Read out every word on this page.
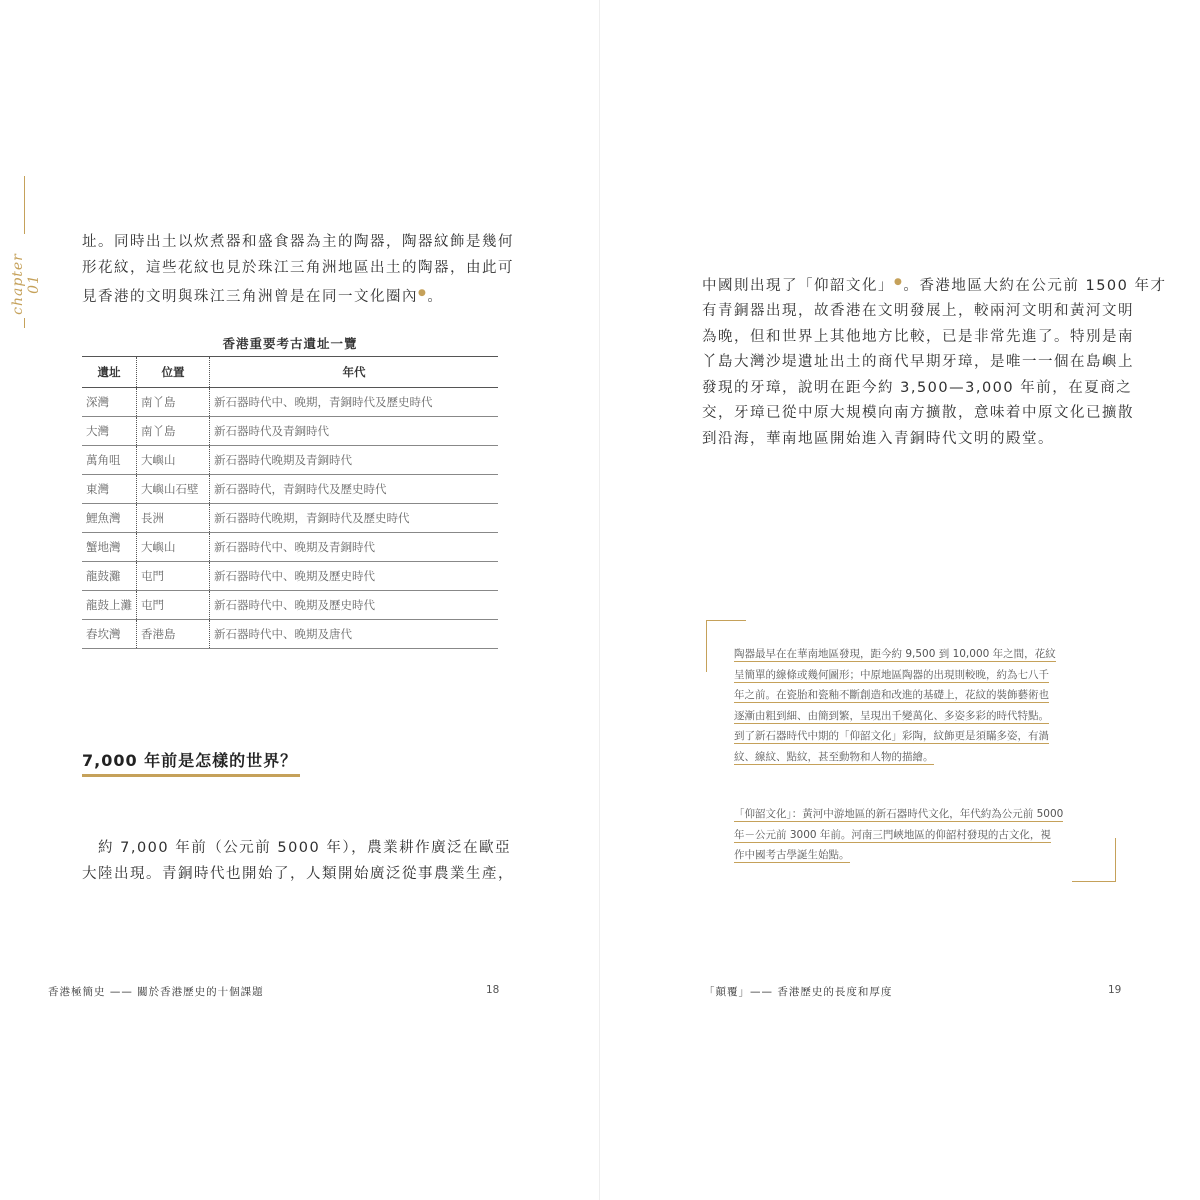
chapter 01

址。同時出土以炊煮器和盛食器為主的陶器，陶器紋飾是幾何

形花紋，這些花紋也見於珠江三角洲地區出土的陶器，由此可

見香港的文明與珠江三角洲曾是在同一文化圈內●。

香港重要考古遺址一覽
遺址	位置	年代
深灣	南丫島	新石器時代中、晚期，青銅時代及歷史時代
大灣	南丫島	新石器時代及青銅時代
萬角咀	大嶼山	新石器時代晚期及青銅時代
東灣	大嶼山石壁	新石器時代，青銅時代及歷史時代
鯉魚灣	長洲	新石器時代晚期，青銅時代及歷史時代
蟹地灣	大嶼山	新石器時代中、晚期及青銅時代
龍鼓灘	屯門	新石器時代中、晚期及歷史時代
龍鼓上灘	屯門	新石器時代中、晚期及歷史時代
舂坎灣	香港島	新石器時代中、晚期及唐代
7,000 年前是怎樣的世界？

　約 7,000 年前（公元前 5000 年），農業耕作廣泛在歐亞

大陸出現。青銅時代也開始了，人類開始廣泛從事農業生產，

香港極簡史 —— 關於香港歷史的十個課題	18

中國則出現了「仰韶文化」●。香港地區大約在公元前 1500 年才

有青銅器出現，故香港在文明發展上，較兩河文明和黃河文明

為晚，但和世界上其他地方比較，已是非常先進了。特別是南

丫島大灣沙堤遺址出土的商代早期牙璋，是唯一一個在島嶼上

發現的牙璋，說明在距今約 3,500—3,000 年前，在夏商之

交，牙璋已從中原大規模向南方擴散，意味着中原文化已擴散

到沿海，華南地區開始進入青銅時代文明的殿堂。

陶器最早在在華南地區發現，距今約 9,500 到 10,000 年之間，花紋

呈簡單的線條或幾何圖形；中原地區陶器的出現則較晚，約為七八千

年之前。在瓷胎和瓷釉不斷創造和改進的基礎上，花紋的裝飾藝術也

逐漸由粗到細、由簡到繁，呈現出千變萬化、多姿多彩的時代特點。

到了新石器時代中期的「仰韶文化」彩陶，紋飾更是須瞞多姿，有渦

紋、線紋、點紋，甚至動物和人物的描繪。

「仰韶文化」：黃河中游地區的新石器時代文化，年代約為公元前 5000

年－公元前 3000 年前。河南三門峽地區的仰韶村發現的古文化，視

作中國考古學誕生始點。

「顛覆」—— 香港歷史的長度和厚度	19
